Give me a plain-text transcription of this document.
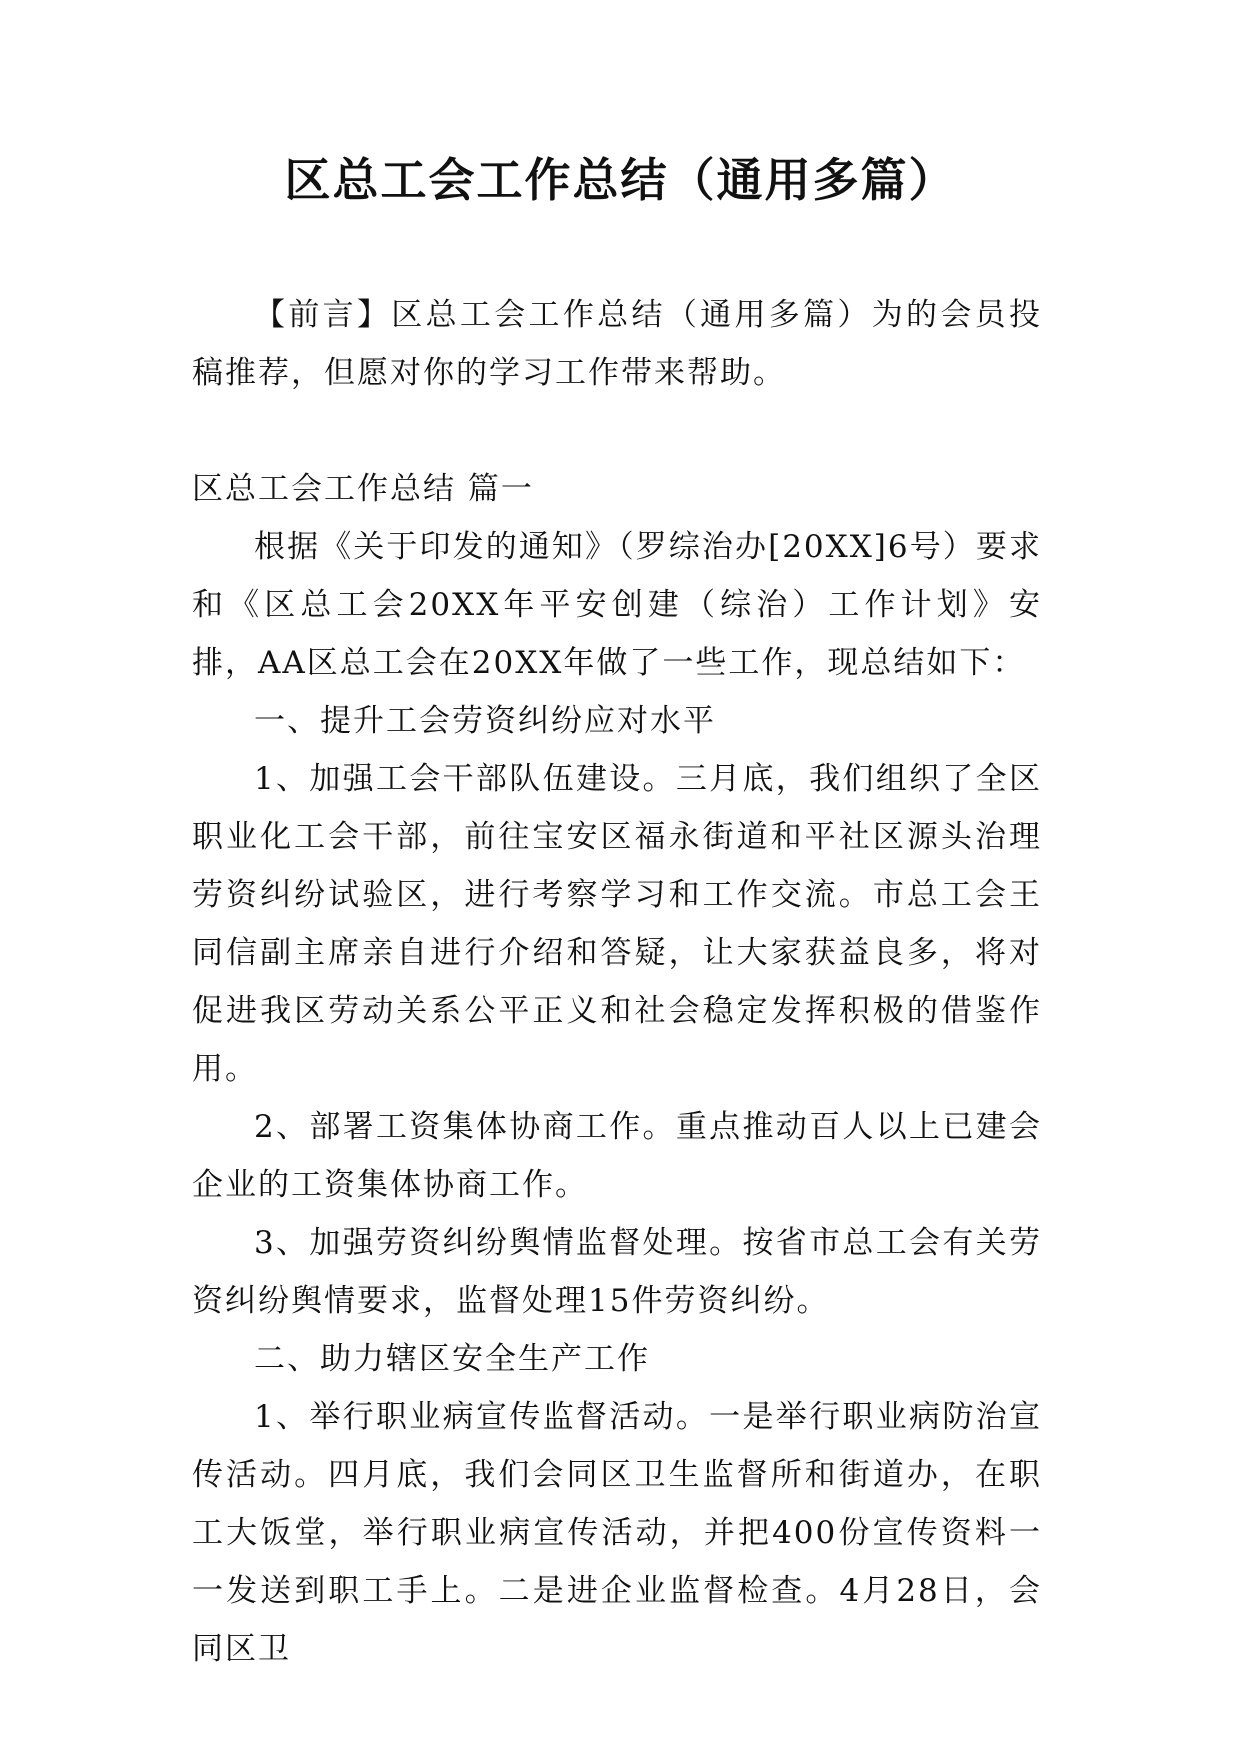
区总工会工作总结（通用多篇）

【前言】区总工会工作总结（通用多篇）为的会员投稿推荐，但愿对你的学习工作带来帮助。

区总工会工作总结 篇一

根据《关于印发的通知》（罗综治办[20XX]6号）要求和《区总工会20XX年平安创建（综治）工作计划》安排，AA区总工会在20XX年做了一些工作，现总结如下：

一、提升工会劳资纠纷应对水平

1、加强工会干部队伍建设。三月底，我们组织了全区职业化工会干部，前往宝安区福永街道和平社区源头治理劳资纠纷试验区，进行考察学习和工作交流。市总工会王同信副主席亲自进行介绍和答疑，让大家获益良多，将对促进我区劳动关系公平正义和社会稳定发挥积极的借鉴作用。

2、部署工资集体协商工作。重点推动百人以上已建会企业的工资集体协商工作。

3、加强劳资纠纷舆情监督处理。按省市总工会有关劳资纠纷舆情要求，监督处理15件劳资纠纷。

二、助力辖区安全生产工作

1、举行职业病宣传监督活动。一是举行职业病防治宣传活动。四月底，我们会同区卫生监督所和街道办，在职工大饭堂，举行职业病宣传活动，并把400份宣传资料一一发送到职工手上。二是进企业监督检查。4月28日，会同区卫
